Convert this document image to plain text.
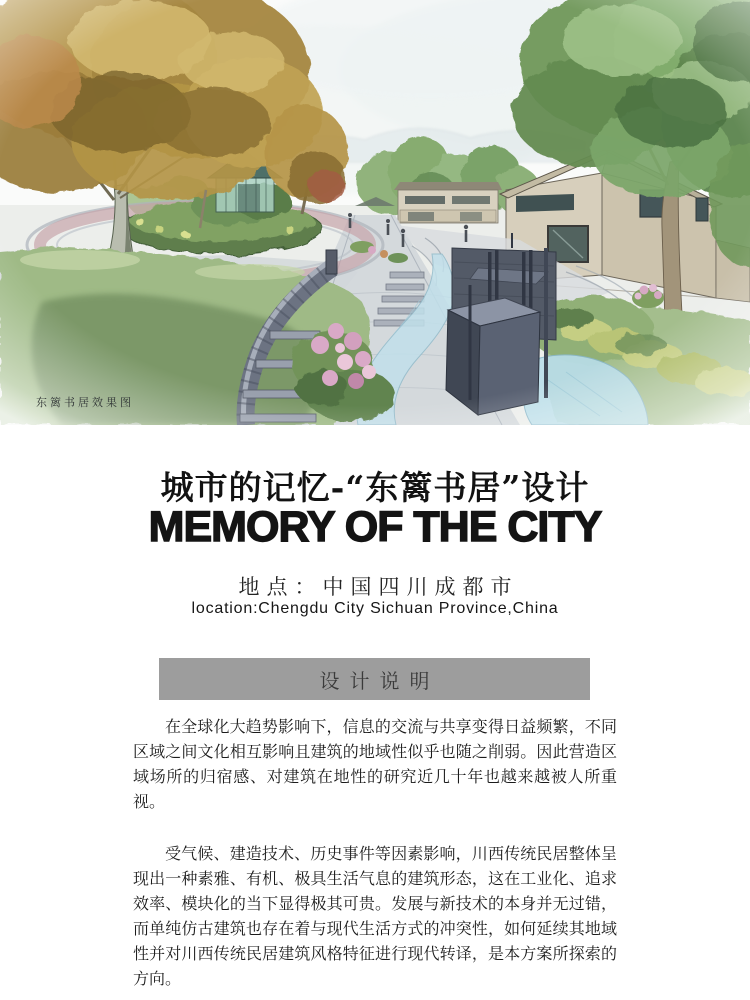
东篱书居效果图
城市的记忆-“东篱书居”设计
MEMORY OF THE CITY
地点：中国四川成都市
location:Chengdu City Sichuan Province,China
设计说明

在全球化大趋势影响下，信息的交流与共享变得日益频繁，不同区域之间文化相互影响且建筑的地域性似乎也随之削弱。因此营造区域场所的归宿感、对建筑在地性的研究近几十年也越来越被人所重视。

受气候、建造技术、历史事件等因素影响，川西传统民居整体呈现出一种素雅、有机、极具生活气息的建筑形态，这在工业化、追求效率、模块化的当下显得极其可贵。发展与新技术的本身并无过错，而单纯仿古建筑也存在着与现代生活方式的冲突性，如何延续其地域性并对川西传统民居建筑风格特征进行现代转译，是本方案所探索的方向。
